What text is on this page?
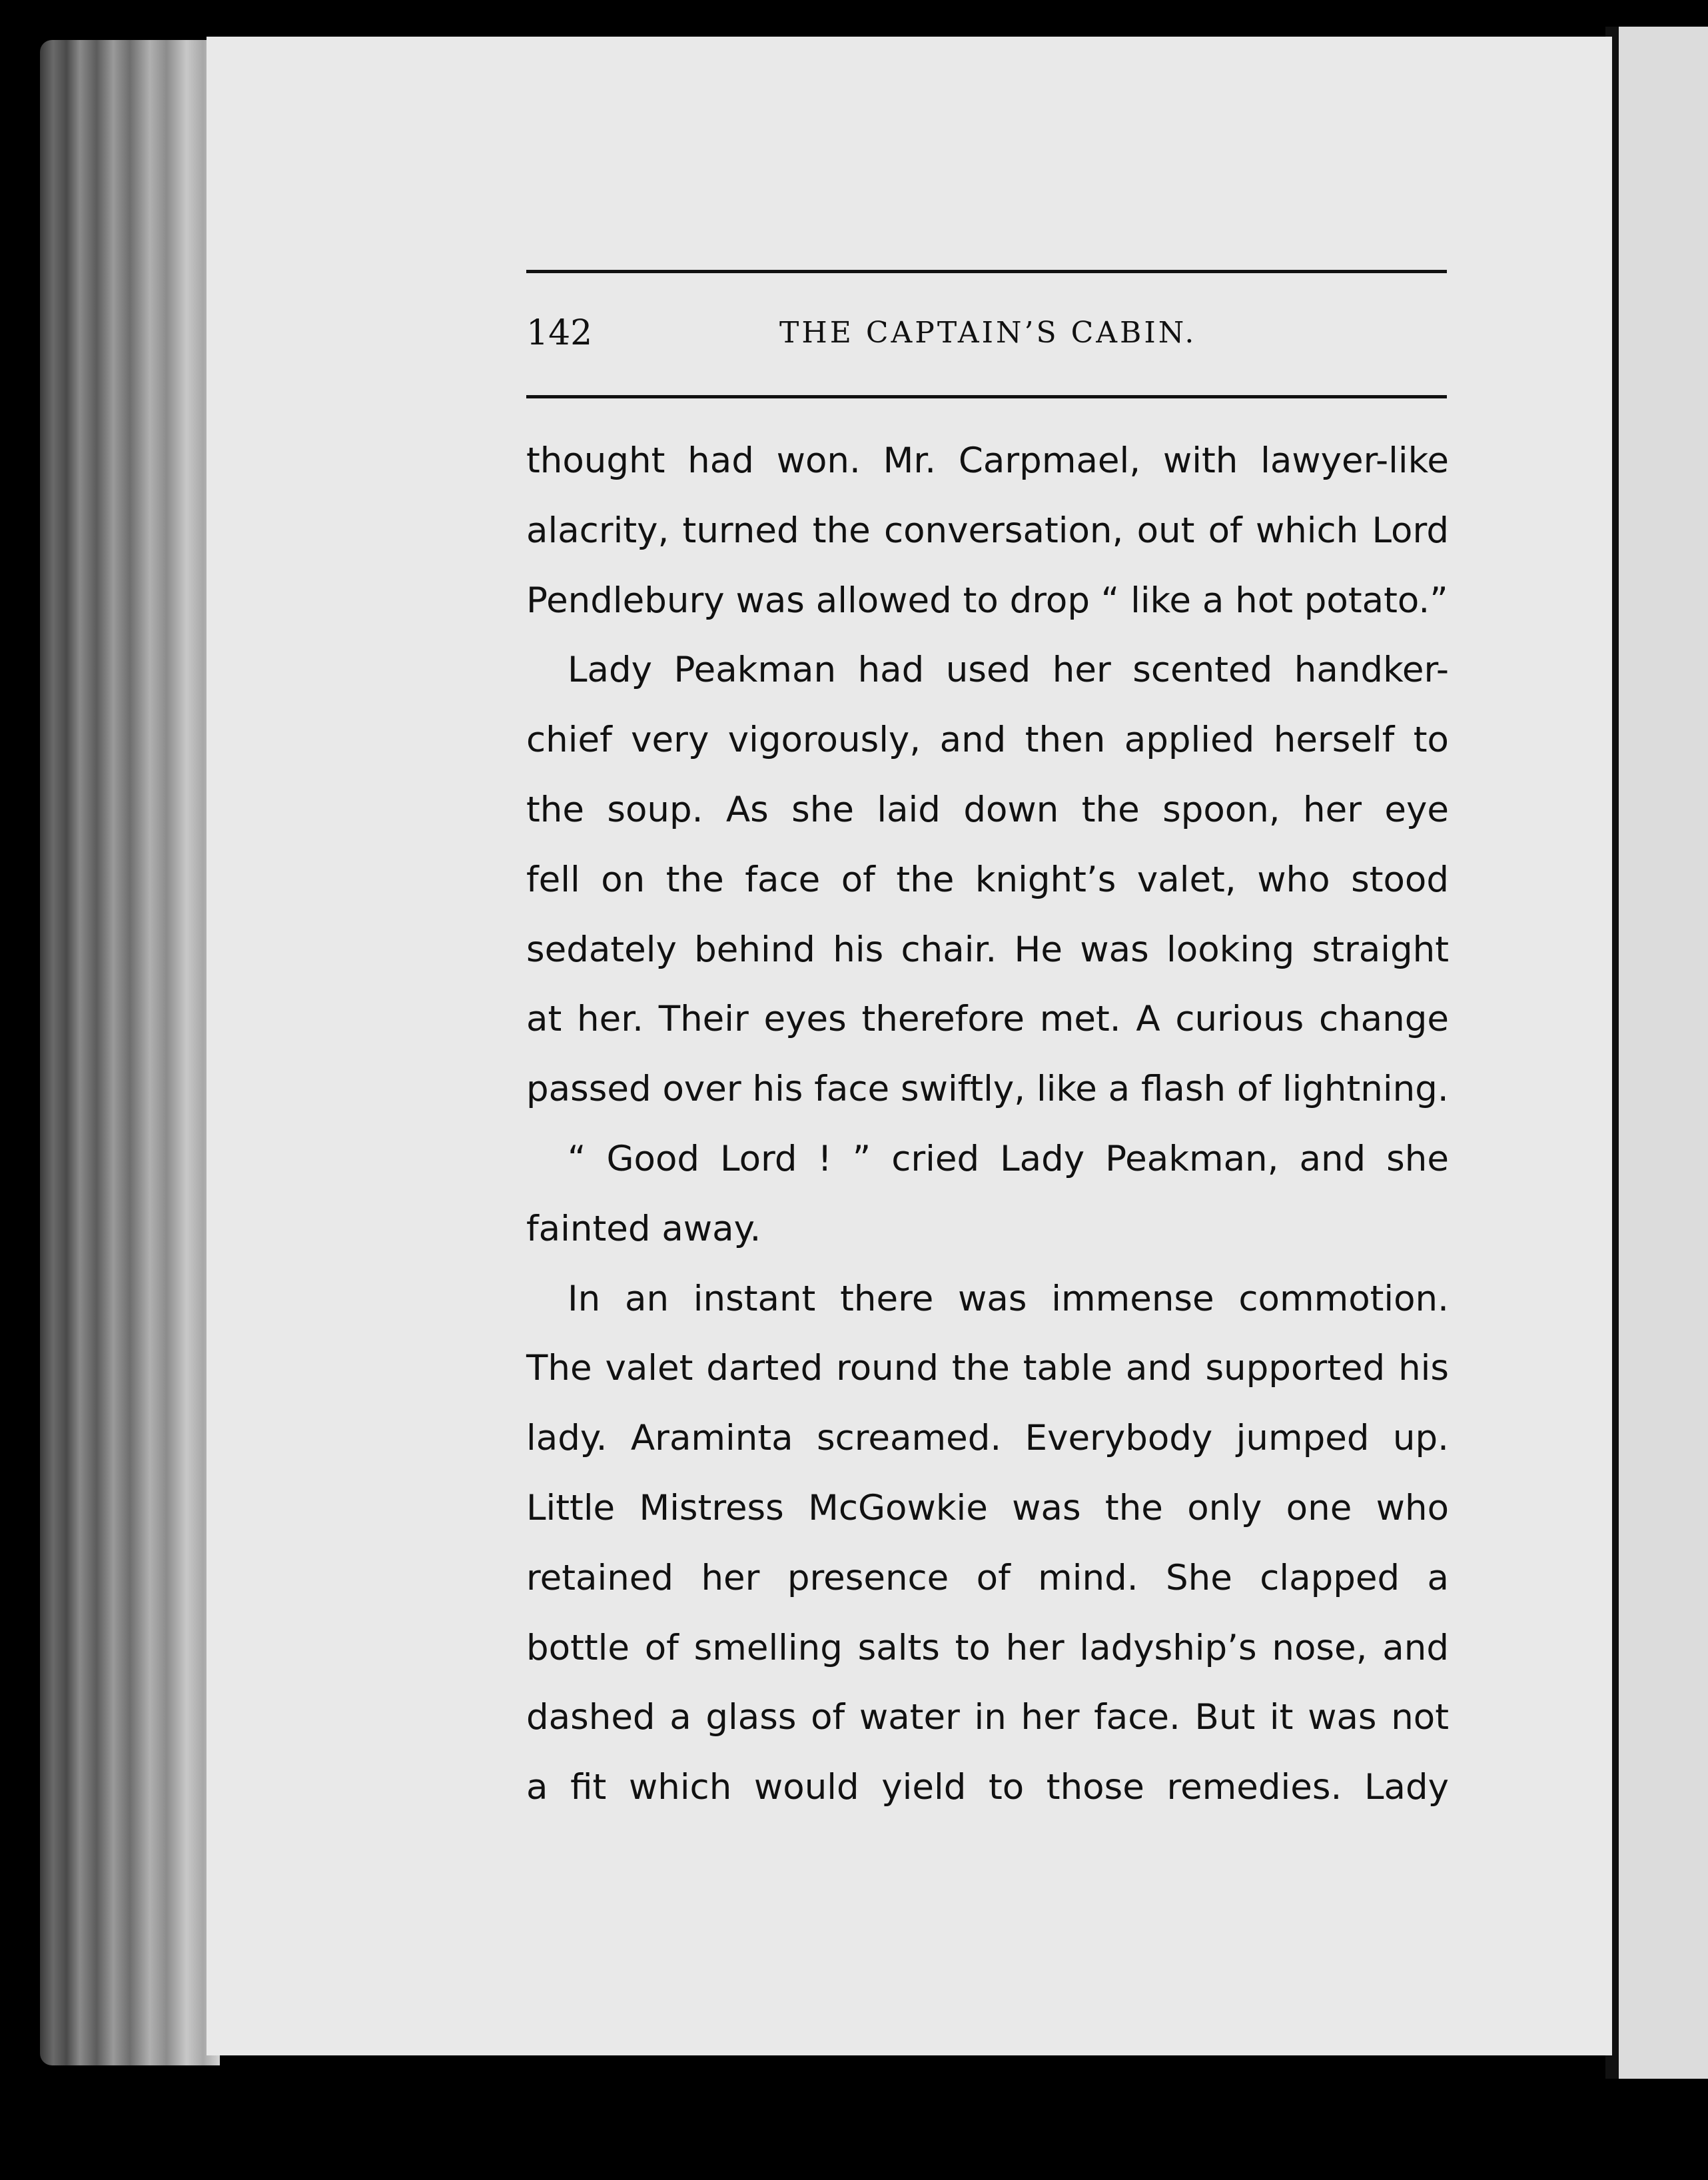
142	THE CAPTAIN’S CABIN.
thought had won. Mr. Carpmael, with lawyer-like
alacrity, turned the conversation, out of which Lord
Pendlebury was allowed to drop “ like a hot potato.”
Lady Peakman had used her scented handker-
chief very vigorously, and then applied herself to
the soup. As she laid down the spoon, her eye
fell on the face of the knight’s valet, who stood
sedately behind his chair. He was looking straight
at her. Their eyes therefore met. A curious change
passed over his face swiftly, like a flash of lightning.
“ Good Lord ! ” cried Lady Peakman, and she
fainted away.
In an instant there was immense commotion.
The valet darted round the table and supported his
lady. Araminta screamed. Everybody jumped up.
Little Mistress McGowkie was the only one who
retained her presence of mind. She clapped a
bottle of smelling salts to her ladyship’s nose, and
dashed a glass of water in her face. But it was not
a fit which would yield to those remedies. Lady
